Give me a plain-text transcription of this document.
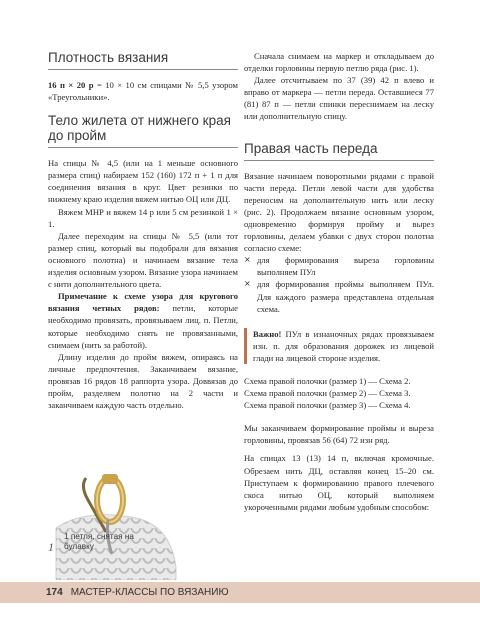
Плотность вязания

16 п × 20 р = 10 × 10 см спицами № 5,5 узором «Треугольники».

Тело жилета от нижнего края до пройм

На спицы № 4,5 (или на 1 меньше основного размера спиц) набираем 152 (160) 172 п + 1 п для соединения вязания в круг. Цвет резинки по нижнему краю изделия вяжем нитью ОЦ или ДЦ.

Вяжем МНР и вяжем 14 р или 5 см резинкой 1 × 1.

Далее переходим на спицы № 5,5 (или тот размер спиц, который вы подобрали для вязания основного полотна) и начинаем вязание тела изделия основным узором. Вязание узора начинаем с нити дополнительного цвета.

Примечание к схеме узора для кругового вязания четных рядов: петли, которые необходимо провязать, провязываем лиц. п. Петли, которые необходимо снять не провязанными, снимаем (нить за работой).

Длину изделия до пройм вяжем, опираясь на личные предпочтения. Заканчиваем вязание, провязав 16 рядов 18 раппорта узора. Доввязав до пройм, разделяем полотно на 2 части и заканчиваем каждую часть отдельно.

1
1 петля, снятая на булавку

Сначала снимаем на маркер и откладываем до отделки горловины первую петлю ряда (рис. 1).

Далее отсчитываем по 37 (39) 42 п влево и вправо от маркера — петли переда. Оставшиеся 77 (81) 87 п — петли спинки переснимаем на леску или дополнительную спицу.

Правая часть переда

Вязание начинаем поворотными рядами с правой части переда. Петли левой части для удобства переносим на дополнительную нить или леску (рис. 2). Продолжаем вязание основным узором, одновременно формируя пройму и вырез горловины, делаем убавки с двух сторон полотна согласно схеме:

× для формирования выреза горловины выполняем ПУл
× для формирования проймы выполняем ПУл. Для каждого размера представлена отдельная схема.

Важно! ПУл в изнаночных рядах провязываем изн. п. для образования дорожек из лицевой глади на лицевой стороне изделия.

Схема правой полочки (размер 1) — Схема 2.

Схема правой полочки (размер 2) — Схема 3.

Схема правой полочки (размер 3) — Схема 4.

Мы заканчиваем формирование проймы и выреза горловины, провязав 56 (64) 72 изн ряд.

На спицах 13 (13) 14 п, включая кромочные. Обрезаем нить ДЦ, оставляя конец 15–20 см. Приступаем к формированию правого плечевого скоса нитью ОЦ, который выполняем укороченными рядами любым удобным способом:

174 МАСТЕР-КЛАССЫ ПО ВЯЗАНИЮ
